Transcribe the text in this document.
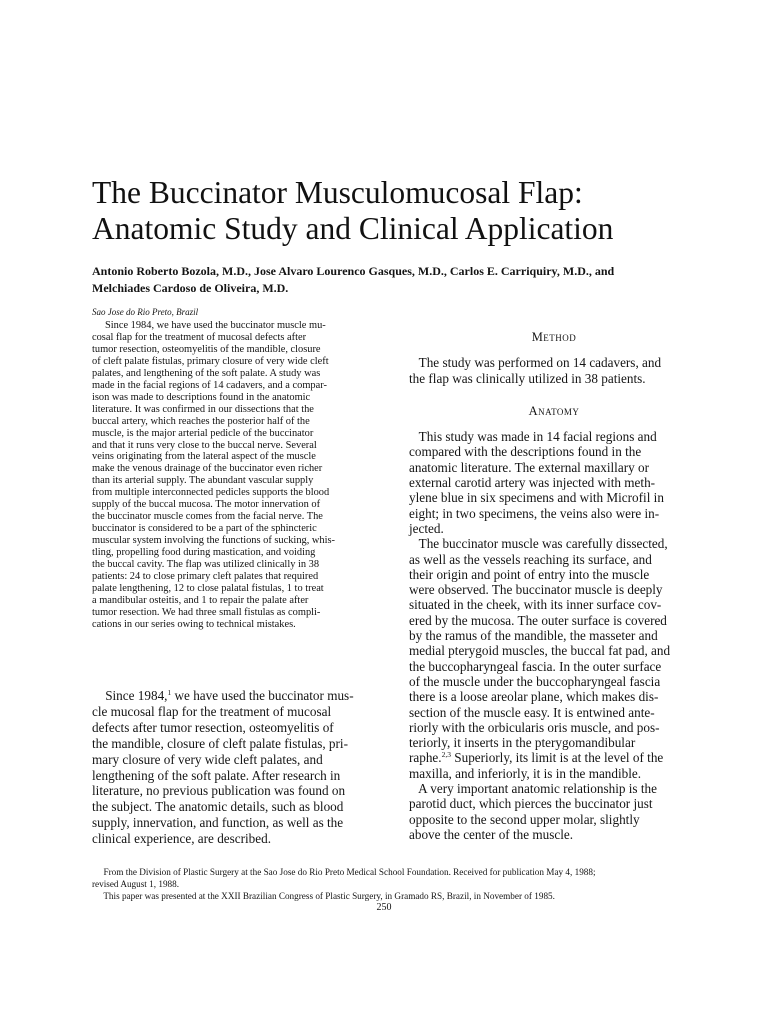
The Buccinator Musculomucosal Flap:
Anatomic Study and Clinical Application
Antonio Roberto Bozola, M.D., Jose Alvaro Lourenco Gasques, M.D., Carlos E. Carriquiry, M.D., and
Melchiades Cardoso de Oliveira, M.D.
Sao Jose do Rio Preto, Brazil
Since 1984, we have used the buccinator muscle mu-
cosal flap for the treatment of mucosal defects after
tumor resection, osteomyelitis of the mandible, closure
of cleft palate fistulas, primary closure of very wide cleft
palates, and lengthening of the soft palate. A study was
made in the facial regions of 14 cadavers, and a compar-
ison was made to descriptions found in the anatomic
literature. It was confirmed in our dissections that the
buccal artery, which reaches the posterior half of the
muscle, is the major arterial pedicle of the buccinator
and that it runs very close to the buccal nerve. Several
veins originating from the lateral aspect of the muscle
make the venous drainage of the buccinator even richer
than its arterial supply. The abundant vascular supply
from multiple interconnected pedicles supports the blood
supply of the buccal mucosa. The motor innervation of
the buccinator muscle comes from the facial nerve. The
buccinator is considered to be a part of the sphincteric
muscular system involving the functions of sucking, whis-
tling, propelling food during mastication, and voiding
the buccal cavity. The flap was utilized clinically in 38
patients: 24 to close primary cleft palates that required
palate lengthening, 12 to close palatal fistulas, 1 to treat
a mandibular osteitis, and 1 to repair the palate after
tumor resection. We had three small fistulas as compli-
cations in our series owing to technical mistakes.
 Since 1984,$^1$ we have used the buccinator mus-
cle mucosal flap for the treatment of mucosal
defects after tumor resection, osteomyelitis of
the mandible, closure of cleft palate fistulas, pri-
mary closure of very wide cleft palates, and
lengthening of the soft palate. After research in
literature, no previous publication was found on
the subject. The anatomic details, such as blood
supply, innervation, and function, as well as the
clinical experience, are described.
Method
The study was performed on 14 cadavers, and
the flap was clinically utilized in 38 patients.
Anatomy
This study was made in 14 facial regions and
compared with the descriptions found in the
anatomic literature. The external maxillary or
external carotid artery was injected with meth-
ylene blue in six specimens and with Microfil in
eight; in two specimens, the veins also were in-
jected.
The buccinator muscle was carefully dissected,
as well as the vessels reaching its surface, and
their origin and point of entry into the muscle
were observed. The buccinator muscle is deeply
situated in the cheek, with its inner surface cov-
ered by the mucosa. The outer surface is covered
by the ramus of the mandible, the masseter and
medial pterygoid muscles, the buccal fat pad, and
the buccopharyngeal fascia. In the outer surface
of the muscle under the buccopharyngeal fascia
there is a loose areolar plane, which makes dis-
section of the muscle easy. It is entwined ante-
riorly with the orbicularis oris muscle, and pos-
teriorly, it inserts in the pterygomandibular
raphe.$^{2,3}$ Superiorly, its limit is at the level of the
maxilla, and inferiorly, it is in the mandible.
A very important anatomic relationship is the
parotid duct, which pierces the buccinator just
opposite to the second upper molar, slightly
above the center of the muscle.
From the Division of Plastic Surgery at the Sao Jose do Rio Preto Medical School Foundation. Received for publication May 4, 1988;
revised August 1, 1988.
This paper was presented at the XXII Brazilian Congress of Plastic Surgery, in Gramado RS, Brazil, in November of 1985.
250
